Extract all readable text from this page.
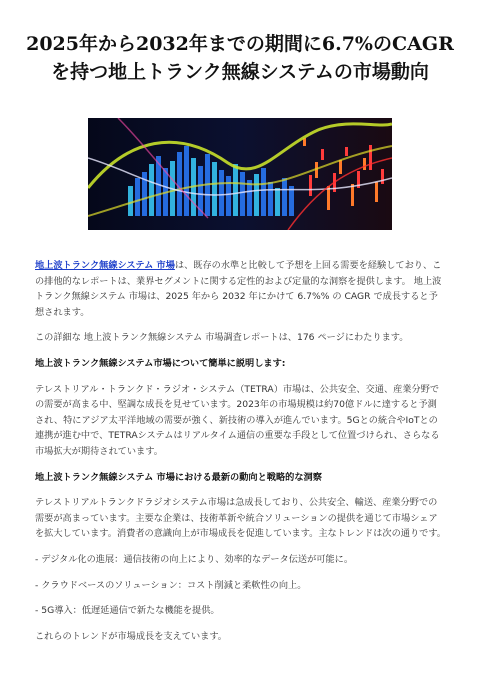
2025年から2032年までの期間に6.7%のCAGRを持つ地上トランク無線システムの市場動向

地上波トランク無線システム 市場は、既存の水準と比較して予想を上回る需要を経験しており、この排他的なレポートは、業界セグメントに関する定性的および定量的な洞察を提供します。 地上波トランク無線システム 市場は、2025 年から 2032 年にかけて 6.7%% の CAGR で成長すると予想されます。

この詳細な 地上波トランク無線システム 市場調査レポートは、176 ページにわたります。

地上波トランク無線システム市場について簡単に説明します:

テレストリアル・トランクド・ラジオ・システム（TETRA）市場は、公共安全、交通、産業分野での需要が高まる中、堅調な成長を見せています。2023年の市場規模は約70億ドルに達すると予測され、特にアジア太平洋地域の需要が強く、新技術の導入が進んでいます。5Gとの統合やIoTとの連携が進む中で、TETRAシステムはリアルタイム通信の重要な手段として位置づけられ、さらなる市場拡大が期待されています。

地上波トランク無線システム 市場における最新の動向と戦略的な洞察

テレストリアルトランクドラジオシステム市場は急成長しており、公共安全、輸送、産業分野での需要が高まっています。主要な企業は、技術革新や統合ソリューションの提供を通じて市場シェアを拡大しています。消費者の意識向上が市場成長を促進しています。主なトレンドは次の通りです。

- デジタル化の進展：通信技術の向上により、効率的なデータ伝送が可能に。

- クラウドベースのソリューション：コスト削減と柔軟性の向上。

- 5G導入：低遅延通信で新たな機能を提供。

これらのトレンドが市場成長を支えています。
